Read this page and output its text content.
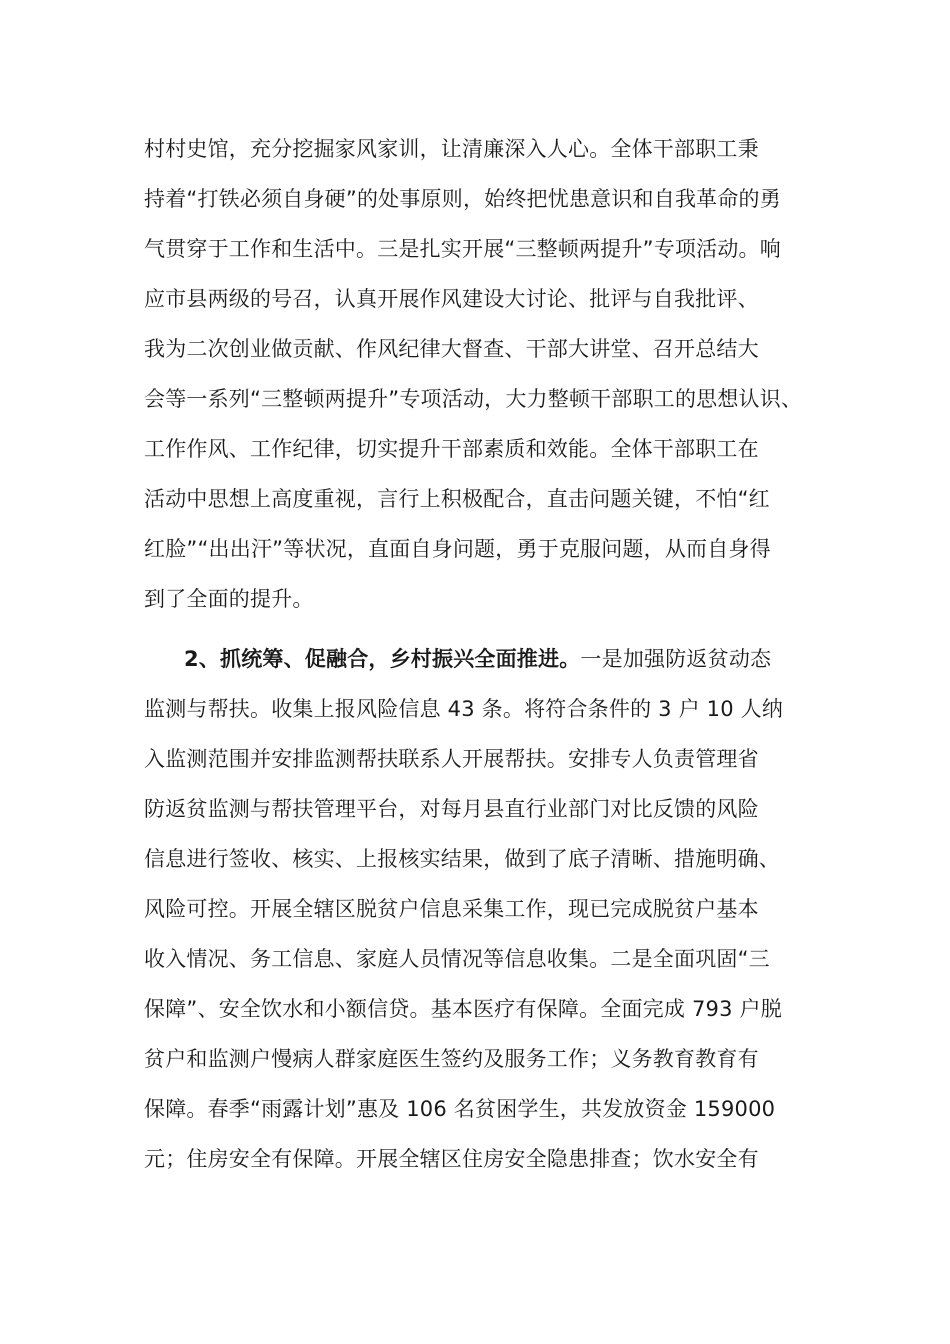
村村史馆，充分挖掘家风家训，让清廉深入人心。全体干部职工秉
持着“打铁必须自身硬”的处事原则，始终把忧患意识和自我革命的勇
气贯穿于工作和生活中。三是扎实开展“三整顿两提升”专项活动。响
应市县两级的号召，认真开展作风建设大讨论、批评与自我批评、
我为二次创业做贡献、作风纪律大督查、干部大讲堂、召开总结大
会等一系列“三整顿两提升”专项活动，大力整顿干部职工的思想认识、
工作作风、工作纪律，切实提升干部素质和效能。全体干部职工在
活动中思想上高度重视，言行上积极配合，直击问题关键，不怕“红
红脸”“出出汗”等状况，直面自身问题，勇于克服问题，从而自身得
到了全面的提升。
2、抓统筹、促融合，乡村振兴全面推进。一是加强防返贫动态
监测与帮扶。收集上报风险信息 43 条。将符合条件的 3 户 10 人纳
入监测范围并安排监测帮扶联系人开展帮扶。安排专人负责管理省
防返贫监测与帮扶管理平台，对每月县直行业部门对比反馈的风险
信息进行签收、核实、上报核实结果，做到了底子清晰、措施明确、
风险可控。开展全辖区脱贫户信息采集工作，现已完成脱贫户基本
收入情况、务工信息、家庭人员情况等信息收集。二是全面巩固“三
保障”、安全饮水和小额信贷。基本医疗有保障。全面完成 793 户脱
贫户和监测户慢病人群家庭医生签约及服务工作；义务教育教育有
保障。春季“雨露计划”惠及 106 名贫困学生，共发放资金 159000
元；住房安全有保障。开展全辖区住房安全隐患排查；饮水安全有
